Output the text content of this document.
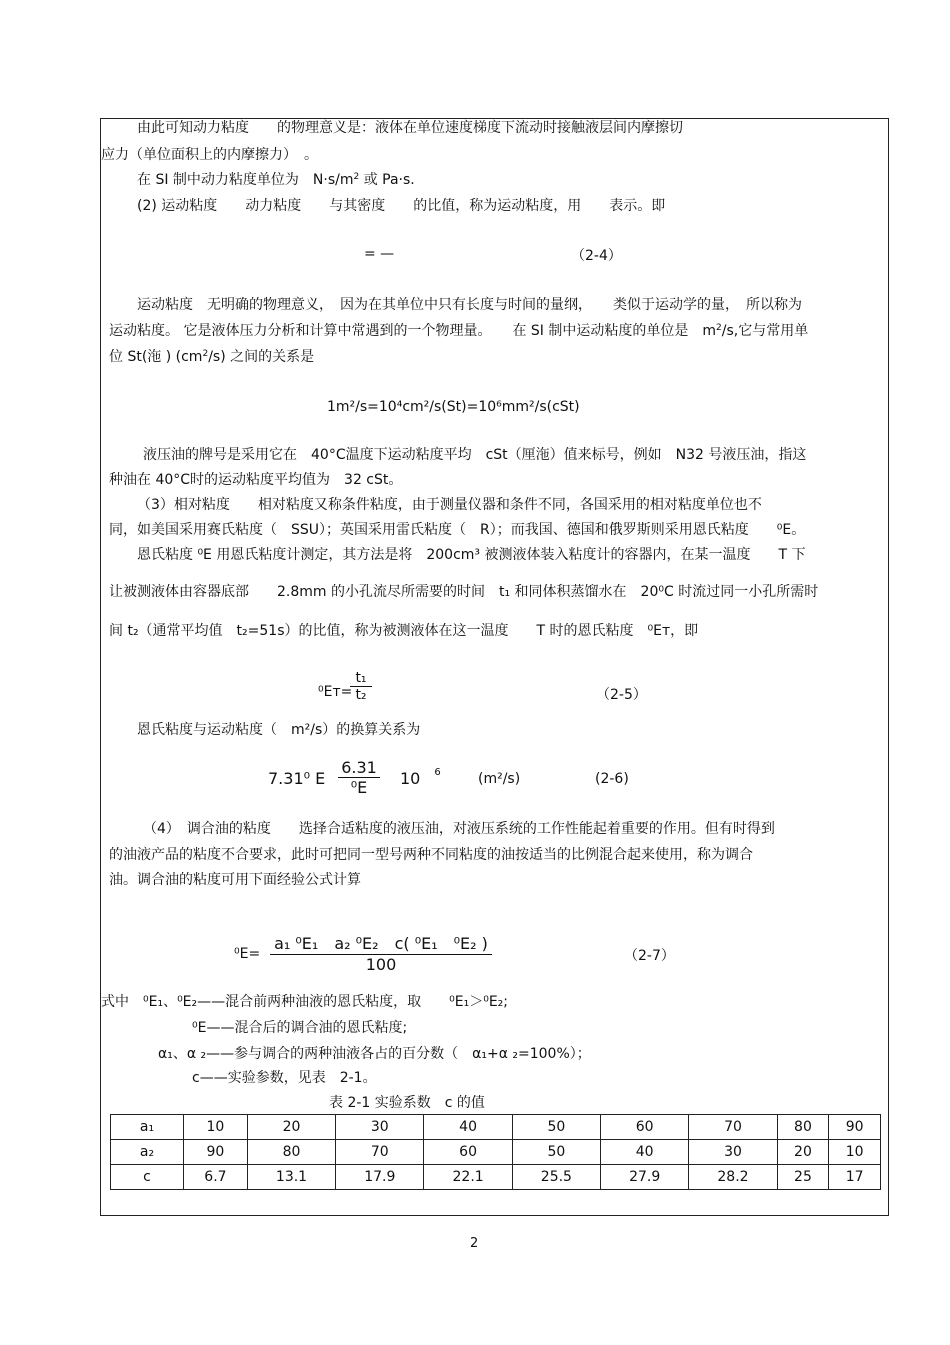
由此可知动力粘度　　的物理意义是：液体在单位速度梯度下流动时接触液层间内摩擦切
应力（单位面积上的内摩擦力）　。
在 SI 制中动力粘度单位为　$N\cdot s/m^2$ 或 Pa·s.
(2) 运动粘度　　动力粘度　　与其密度　　的比值，称为运动粘度，用　　表示。即
= —	（2-4）
运动粘度　无明确的物理意义，　因为在其单位中只有长度与时间的量纲，　　类似于运动学的量，　所以称为
运动粘度。 它是液体压力分析和计算中常遇到的一个物理量。　　在 SI 制中运动粘度的单位是　$m^2/s$,它与常用单
位 St(沲 ) $(cm^2/s)$ 之间的关系是
1m²/s=10⁴cm²/s(St)=10⁶mm²/s(cSt)
液压油的牌号是采用它在　40°C温度下运动粘度平均　cSt（厘沲）值来标号，例如　N32 号液压油，指这
种油在 40°C时的运动粘度平均值为　32 cSt。
（3）相对粘度　　相对粘度又称条件粘度，由于测量仪器和条件不同，各国采用的相对粘度单位也不
同，如美国采用赛氏粘度（　SSU）；英国采用雷氏粘度（　R）；而我国、德国和俄罗斯则采用恩氏粘度　　⁰E。
恩氏粘度 ⁰E 用恩氏粘度计测定，其方法是将　200cm³ 被测液体装入粘度计的容器内，在某一温度　　T 下
让被测液体由容器底部　　2.8mm 的小孔流尽所需要的时间　t₁ 和同体积蒸馏水在　20⁰C 时流过同一小孔所需时
间 t₂（通常平均值　t₂=51s）的比值，称为被测液体在这一温度　　T 时的恩氏粘度　⁰Eт，即
⁰Eт=
$\frac{\text{t₁}}{\text{t₂}}$	（2-5）
恩氏粘度与运动粘度（　m²/s）的换算关系为
7.31⁰ E $\frac{6.31}{\text{⁰E}} 10$ $^6$	(m²/s)	(2-6)
（4）　调合油的粘度　　选择合适粘度的液压油，对液压系统的工作性能起着重要的作用。但有时得到
的油液产品的粘度不合要求，此时可把同一型号两种不同粘度的油按适当的比例混合起来使用，称为调合
油。调合油的粘度可用下面经验公式计算
$^0E= \frac{\text{a₁ ⁰E₁　a₂ ⁰E₂　c( ⁰E₁　⁰E₂ )}}{100}$	（2-7）
式中　⁰E₁、⁰E₂——混合前两种油液的恩氏粘度，取　　⁰E₁＞⁰E₂;
⁰E——混合后的调合油的恩氏粘度;
α₁、α ₂——参与调合的两种油液各占的百分数（　α₁+α ₂=100%）；
c——实验参数，见表　2-1。
表 2-1 实验系数　c 的值
a₁	10	20	30	40	50	60	70	80	90
a₂	90	80	70	60	50	40	30	20	10
c	6.7	13.1	17.9	22.1	25.5	27.9	28.2	25	17
2
